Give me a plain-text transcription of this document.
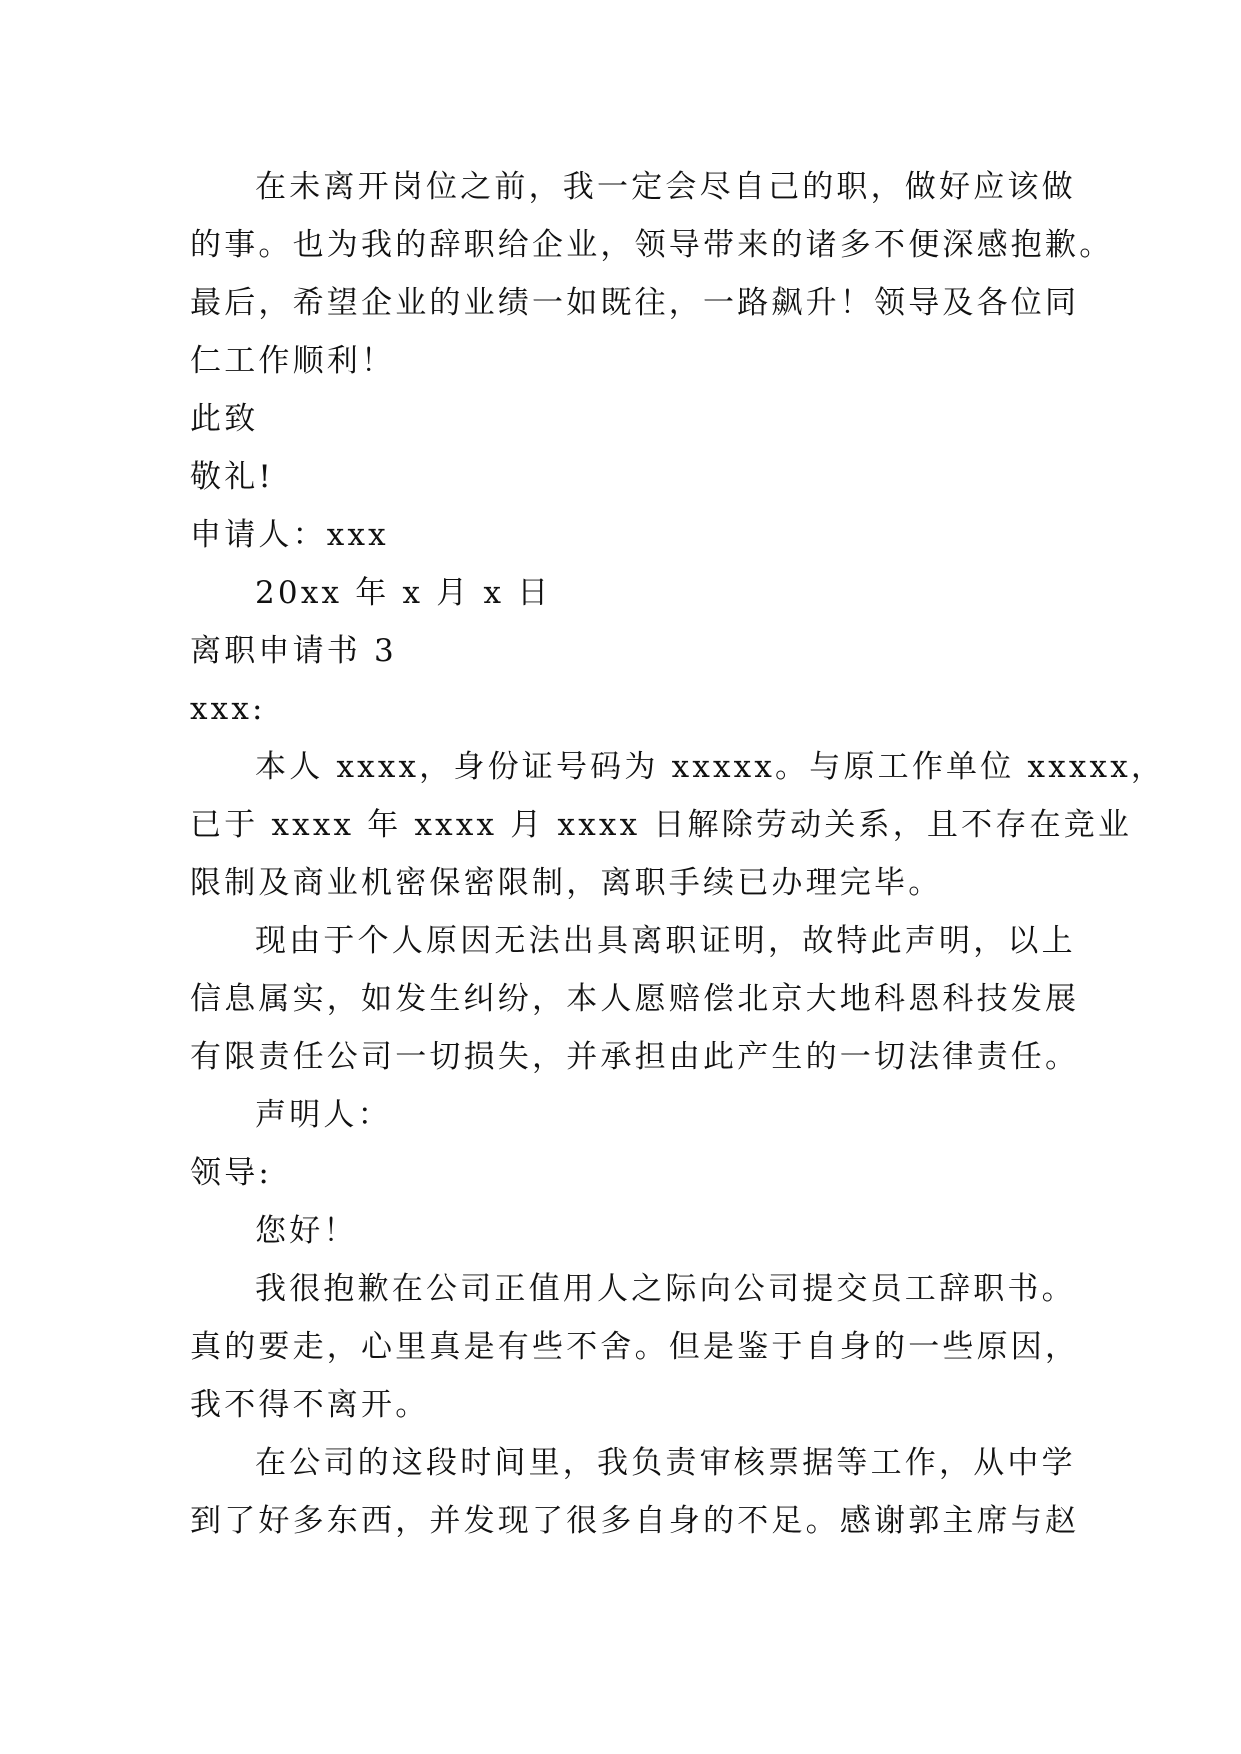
在未离开岗位之前，我一定会尽自己的职，做好应该做
的事。也为我的辞职给企业，领导带来的诸多不便深感抱歉。
最后，希望企业的业绩一如既往，一路飙升！领导及各位同
仁工作顺利！
此致
敬礼!
申请人：xxx
20xx 年 x 月 x 日
离职申请书 3
xxx:
本人 xxxx，身份证号码为 xxxxx。与原工作单位 xxxxx，
已于 xxxx 年 xxxx 月 xxxx 日解除劳动关系，且不存在竞业
限制及商业机密保密限制，离职手续已办理完毕。
现由于个人原因无法出具离职证明，故特此声明，以上
信息属实，如发生纠纷，本人愿赔偿北京大地科恩科技发展
有限责任公司一切损失，并承担由此产生的一切法律责任。
声明人：
领导:
您好！
我很抱歉在公司正值用人之际向公司提交员工辞职书。
真的要走，心里真是有些不舍。但是鉴于自身的一些原因，
我不得不离开。
在公司的这段时间里，我负责审核票据等工作，从中学
到了好多东西，并发现了很多自身的不足。感谢郭主席与赵
